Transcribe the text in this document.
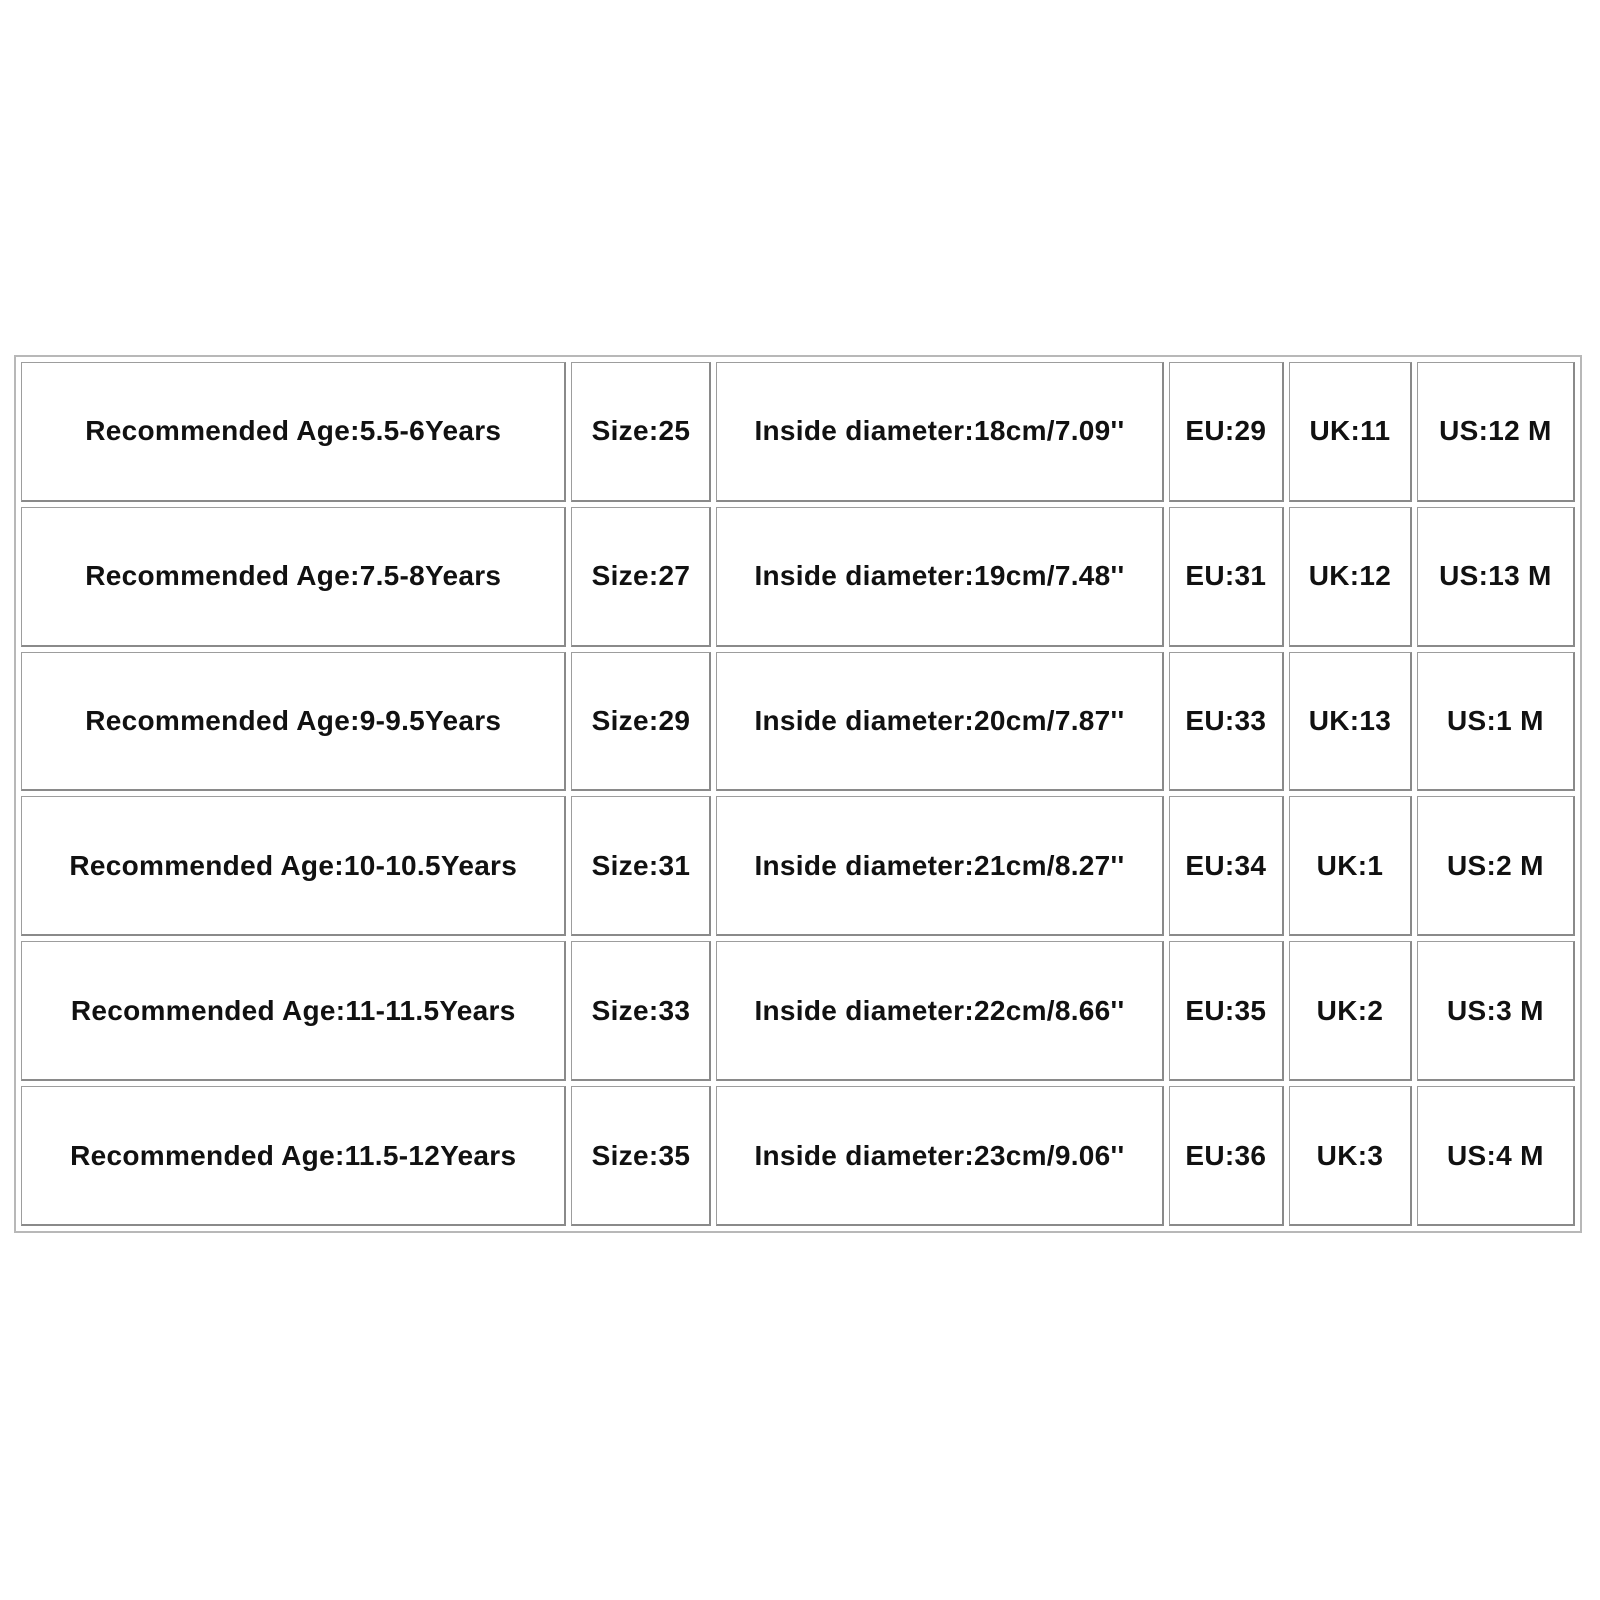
Recommended Age:5.5-6Years	Size:25	Inside diameter:18cm/7.09''	EU:29	UK:11	US:12 M
Recommended Age:7.5-8Years	Size:27	Inside diameter:19cm/7.48''	EU:31	UK:12	US:13 M
Recommended Age:9-9.5Years	Size:29	Inside diameter:20cm/7.87''	EU:33	UK:13	US:1 M
Recommended Age:10-10.5Years	Size:31	Inside diameter:21cm/8.27''	EU:34	UK:1	US:2 M
Recommended Age:11-11.5Years	Size:33	Inside diameter:22cm/8.66''	EU:35	UK:2	US:3 M
Recommended Age:11.5-12Years	Size:35	Inside diameter:23cm/9.06''	EU:36	UK:3	US:4 M
